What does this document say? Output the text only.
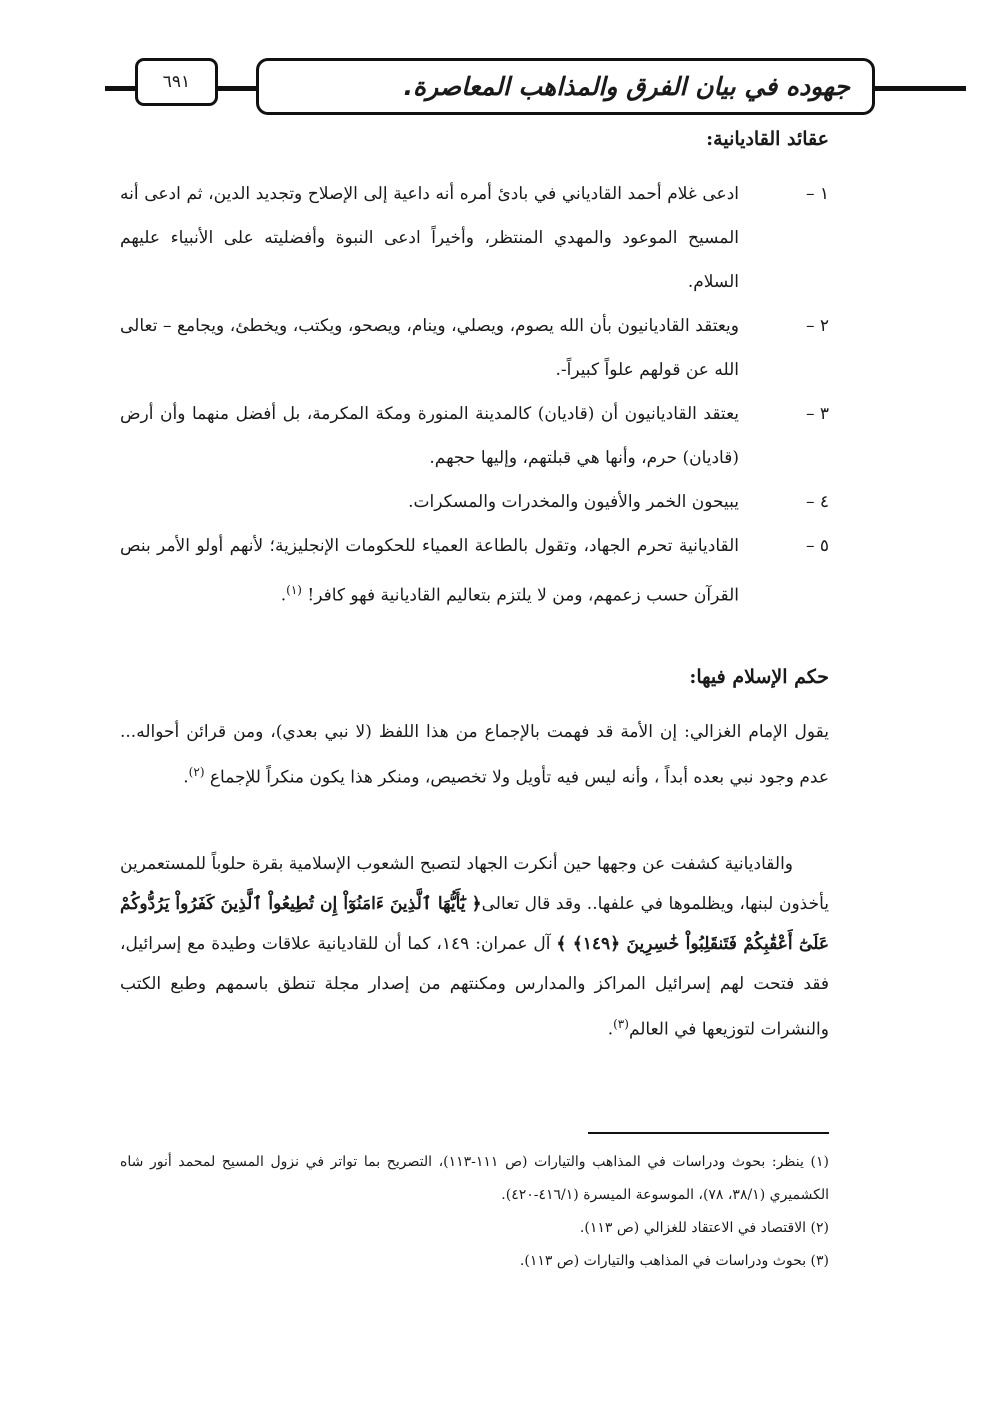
٦٩١	جهوده في بيان الفرق والمذاهب المعاصرة.
عقائد القاديانية:
١ –
ادعى غلام أحمد القادياني في بادئ أمره أنه داعية إلى الإصلاح وتجديد الدين، ثم ادعى أنه المسيح الموعود والمهدي المنتظر، وأخيراً ادعى النبوة وأفضليته على الأنبياء عليهم السلام.
٢ –
ويعتقد القاديانيون بأن الله يصوم، ويصلي، وينام، ويصحو، ويكتب، ويخطئ، ويجامع – تعالى الله عن قولهم علواً كبيراً-.
٣ –
يعتقد القاديانيون أن (قاديان) كالمدينة المنورة ومكة المكرمة، بل أفضل منهما وأن أرض (قاديان) حرم، وأنها هي قبلتهم، وإليها حجهم.
٤ –
يبيحون الخمر والأفيون والمخدرات والمسكرات.
٥ –
القاديانية تحرم الجهاد، وتقول بالطاعة العمياء للحكومات الإنجليزية؛ لأنهم أولو الأمر بنص القرآن حسب زعمهم، ومن لا يلتزم بتعاليم القاديانية فهو كافر! $^{(١)}$.
حكم الإسلام فيها:

يقول الإمام الغزالي: إن الأمة قد فهمت بالإجماع من هذا اللفظ (لا نبي بعدي)، ومن قرائن أحواله... عدم وجود نبي بعده أبداً ، وأنه ليس فيه تأويل ولا تخصيص، ومنكر هذا يكون منكراً للإجماع $^{(٢)}$.

والقاديانية كشفت عن وجهها حين أنكرت الجهاد لتصبح الشعوب الإسلامية بقرة حلوباً للمستعمرين يأخذون لبنها، ويظلموها في علفها.. وقد قال تعالى﴿ يَٰٓأَيُّهَا ٱلَّذِينَ ءَامَنُوٓاْ إِن تُطِيعُواْ ٱلَّذِينَ كَفَرُواْ يَرُدُّوكُمْ عَلَىٰٓ أَعْقَٰبِكُمْ فَتَنقَلِبُواْ خَٰسِرِينَ ﴿١٤٩﴾ ﴾ آل عمران: ١٤٩، كما أن للقاديانية علاقات وطيدة مع إسرائيل، فقد فتحت لهم إسرائيل المراكز والمدارس ومكنتهم من إصدار مجلة تنطق باسمهم وطبع الكتب والنشرات لتوزيعها في العالم$^{(٣)}$.

(١) ينظر: بحوث ودراسات في المذاهب والتيارات (ص ١١١-١١٣)، التصريح بما تواتر في نزول المسيح لمحمد أنور شاه الكشميري (٣٨/١، ٧٨)، الموسوعة الميسرة (٤١٦/١-٤٢٠).
(٢) الاقتصاد في الاعتقاد للغزالي (ص ١١٣).
(٣) بحوث ودراسات في المذاهب والتيارات (ص ١١٣).
